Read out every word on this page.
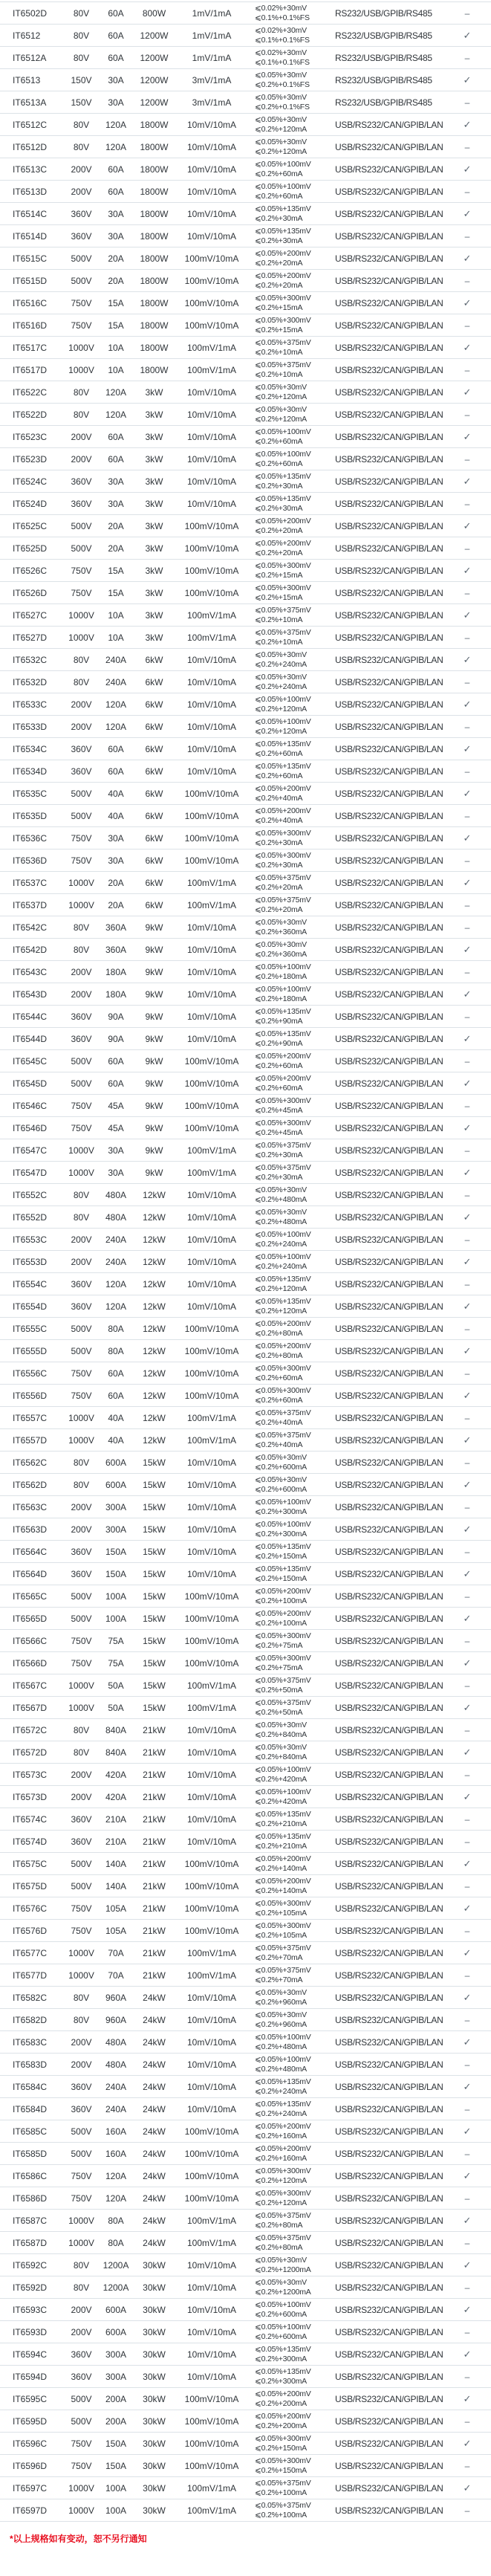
IT6502D	80V	60A	800W	1mV/1mA	⩽0.02%+30mV
⩽0.1%+0.1%FS	RS232/USB/GPIB/RS485	–
IT6512	80V	60A	1200W	1mV/1mA	⩽0.02%+30mV
⩽0.1%+0.1%FS	RS232/USB/GPIB/RS485	✓
IT6512A	80V	60A	1200W	1mV/1mA	⩽0.02%+30mV
⩽0.1%+0.1%FS	RS232/USB/GPIB/RS485	–
IT6513	150V	30A	1200W	3mV/1mA	⩽0.05%+30mV
⩽0.2%+0.1%FS	RS232/USB/GPIB/RS485	✓
IT6513A	150V	30A	1200W	3mV/1mA	⩽0.05%+30mV
⩽0.2%+0.1%FS	RS232/USB/GPIB/RS485	–
IT6512C	80V	120A	1800W	10mV/10mA	⩽0.05%+30mV
⩽0.2%+120mA	USB/RS232/CAN/GPIB/LAN	✓
IT6512D	80V	120A	1800W	10mV/10mA	⩽0.05%+30mV
⩽0.2%+120mA	USB/RS232/CAN/GPIB/LAN	–
IT6513C	200V	60A	1800W	10mV/10mA	⩽0.05%+100mV
⩽0.2%+60mA	USB/RS232/CAN/GPIB/LAN	✓
IT6513D	200V	60A	1800W	10mV/10mA	⩽0.05%+100mV
⩽0.2%+60mA	USB/RS232/CAN/GPIB/LAN	–
IT6514C	360V	30A	1800W	10mV/10mA	⩽0.05%+135mV
⩽0.2%+30mA	USB/RS232/CAN/GPIB/LAN	✓
IT6514D	360V	30A	1800W	10mV/10mA	⩽0.05%+135mV
⩽0.2%+30mA	USB/RS232/CAN/GPIB/LAN	–
IT6515C	500V	20A	1800W	100mV/10mA	⩽0.05%+200mV
⩽0.2%+20mA	USB/RS232/CAN/GPIB/LAN	✓
IT6515D	500V	20A	1800W	100mV/10mA	⩽0.05%+200mV
⩽0.2%+20mA	USB/RS232/CAN/GPIB/LAN	–
IT6516C	750V	15A	1800W	100mV/10mA	⩽0.05%+300mV
⩽0.2%+15mA	USB/RS232/CAN/GPIB/LAN	✓
IT6516D	750V	15A	1800W	100mV/10mA	⩽0.05%+300mV
⩽0.2%+15mA	USB/RS232/CAN/GPIB/LAN	–
IT6517C	1000V	10A	1800W	100mV/1mA	⩽0.05%+375mV
⩽0.2%+10mA	USB/RS232/CAN/GPIB/LAN	✓
IT6517D	1000V	10A	1800W	100mV/1mA	⩽0.05%+375mV
⩽0.2%+10mA	USB/RS232/CAN/GPIB/LAN	–
IT6522C	80V	120A	3kW	10mV/10mA	⩽0.05%+30mV
⩽0.2%+120mA	USB/RS232/CAN/GPIB/LAN	✓
IT6522D	80V	120A	3kW	10mV/10mA	⩽0.05%+30mV
⩽0.2%+120mA	USB/RS232/CAN/GPIB/LAN	–
IT6523C	200V	60A	3kW	10mV/10mA	⩽0.05%+100mV
⩽0.2%+60mA	USB/RS232/CAN/GPIB/LAN	✓
IT6523D	200V	60A	3kW	10mV/10mA	⩽0.05%+100mV
⩽0.2%+60mA	USB/RS232/CAN/GPIB/LAN	–
IT6524C	360V	30A	3kW	10mV/10mA	⩽0.05%+135mV
⩽0.2%+30mA	USB/RS232/CAN/GPIB/LAN	✓
IT6524D	360V	30A	3kW	10mV/10mA	⩽0.05%+135mV
⩽0.2%+30mA	USB/RS232/CAN/GPIB/LAN	–
IT6525C	500V	20A	3kW	100mV/10mA	⩽0.05%+200mV
⩽0.2%+20mA	USB/RS232/CAN/GPIB/LAN	✓
IT6525D	500V	20A	3kW	100mV/10mA	⩽0.05%+200mV
⩽0.2%+20mA	USB/RS232/CAN/GPIB/LAN	–
IT6526C	750V	15A	3kW	100mV/10mA	⩽0.05%+300mV
⩽0.2%+15mA	USB/RS232/CAN/GPIB/LAN	✓
IT6526D	750V	15A	3kW	100mV/10mA	⩽0.05%+300mV
⩽0.2%+15mA	USB/RS232/CAN/GPIB/LAN	–
IT6527C	1000V	10A	3kW	100mV/1mA	⩽0.05%+375mV
⩽0.2%+10mA	USB/RS232/CAN/GPIB/LAN	✓
IT6527D	1000V	10A	3kW	100mV/1mA	⩽0.05%+375mV
⩽0.2%+10mA	USB/RS232/CAN/GPIB/LAN	–
IT6532C	80V	240A	6kW	10mV/10mA	⩽0.05%+30mV
⩽0.2%+240mA	USB/RS232/CAN/GPIB/LAN	✓
IT6532D	80V	240A	6kW	10mV/10mA	⩽0.05%+30mV
⩽0.2%+240mA	USB/RS232/CAN/GPIB/LAN	–
IT6533C	200V	120A	6kW	10mV/10mA	⩽0.05%+100mV
⩽0.2%+120mA	USB/RS232/CAN/GPIB/LAN	✓
IT6533D	200V	120A	6kW	10mV/10mA	⩽0.05%+100mV
⩽0.2%+120mA	USB/RS232/CAN/GPIB/LAN	–
IT6534C	360V	60A	6kW	10mV/10mA	⩽0.05%+135mV
⩽0.2%+60mA	USB/RS232/CAN/GPIB/LAN	✓
IT6534D	360V	60A	6kW	10mV/10mA	⩽0.05%+135mV
⩽0.2%+60mA	USB/RS232/CAN/GPIB/LAN	–
IT6535C	500V	40A	6kW	100mV/10mA	⩽0.05%+200mV
⩽0.2%+40mA	USB/RS232/CAN/GPIB/LAN	✓
IT6535D	500V	40A	6kW	100mV/10mA	⩽0.05%+200mV
⩽0.2%+40mA	USB/RS232/CAN/GPIB/LAN	–
IT6536C	750V	30A	6kW	100mV/10mA	⩽0.05%+300mV
⩽0.2%+30mA	USB/RS232/CAN/GPIB/LAN	✓
IT6536D	750V	30A	6kW	100mV/10mA	⩽0.05%+300mV
⩽0.2%+30mA	USB/RS232/CAN/GPIB/LAN	–
IT6537C	1000V	20A	6kW	100mV/1mA	⩽0.05%+375mV
⩽0.2%+20mA	USB/RS232/CAN/GPIB/LAN	✓
IT6537D	1000V	20A	6kW	100mV/1mA	⩽0.05%+375mV
⩽0.2%+20mA	USB/RS232/CAN/GPIB/LAN	–
IT6542C	80V	360A	9kW	10mV/10mA	⩽0.05%+30mV
⩽0.2%+360mA	USB/RS232/CAN/GPIB/LAN	–
IT6542D	80V	360A	9kW	10mV/10mA	⩽0.05%+30mV
⩽0.2%+360mA	USB/RS232/CAN/GPIB/LAN	✓
IT6543C	200V	180A	9kW	10mV/10mA	⩽0.05%+100mV
⩽0.2%+180mA	USB/RS232/CAN/GPIB/LAN	–
IT6543D	200V	180A	9kW	10mV/10mA	⩽0.05%+100mV
⩽0.2%+180mA	USB/RS232/CAN/GPIB/LAN	✓
IT6544C	360V	90A	9kW	10mV/10mA	⩽0.05%+135mV
⩽0.2%+90mA	USB/RS232/CAN/GPIB/LAN	–
IT6544D	360V	90A	9kW	10mV/10mA	⩽0.05%+135mV
⩽0.2%+90mA	USB/RS232/CAN/GPIB/LAN	✓
IT6545C	500V	60A	9kW	100mV/10mA	⩽0.05%+200mV
⩽0.2%+60mA	USB/RS232/CAN/GPIB/LAN	–
IT6545D	500V	60A	9kW	100mV/10mA	⩽0.05%+200mV
⩽0.2%+60mA	USB/RS232/CAN/GPIB/LAN	✓
IT6546C	750V	45A	9kW	100mV/10mA	⩽0.05%+300mV
⩽0.2%+45mA	USB/RS232/CAN/GPIB/LAN	–
IT6546D	750V	45A	9kW	100mV/10mA	⩽0.05%+300mV
⩽0.2%+45mA	USB/RS232/CAN/GPIB/LAN	✓
IT6547C	1000V	30A	9kW	100mV/1mA	⩽0.05%+375mV
⩽0.2%+30mA	USB/RS232/CAN/GPIB/LAN	–
IT6547D	1000V	30A	9kW	100mV/1mA	⩽0.05%+375mV
⩽0.2%+30mA	USB/RS232/CAN/GPIB/LAN	✓
IT6552C	80V	480A	12kW	10mV/10mA	⩽0.05%+30mV
⩽0.2%+480mA	USB/RS232/CAN/GPIB/LAN	–
IT6552D	80V	480A	12kW	10mV/10mA	⩽0.05%+30mV
⩽0.2%+480mA	USB/RS232/CAN/GPIB/LAN	✓
IT6553C	200V	240A	12kW	10mV/10mA	⩽0.05%+100mV
⩽0.2%+240mA	USB/RS232/CAN/GPIB/LAN	–
IT6553D	200V	240A	12kW	10mV/10mA	⩽0.05%+100mV
⩽0.2%+240mA	USB/RS232/CAN/GPIB/LAN	✓
IT6554C	360V	120A	12kW	10mV/10mA	⩽0.05%+135mV
⩽0.2%+120mA	USB/RS232/CAN/GPIB/LAN	–
IT6554D	360V	120A	12kW	10mV/10mA	⩽0.05%+135mV
⩽0.2%+120mA	USB/RS232/CAN/GPIB/LAN	✓
IT6555C	500V	80A	12kW	100mV/10mA	⩽0.05%+200mV
⩽0.2%+80mA	USB/RS232/CAN/GPIB/LAN	–
IT6555D	500V	80A	12kW	100mV/10mA	⩽0.05%+200mV
⩽0.2%+80mA	USB/RS232/CAN/GPIB/LAN	✓
IT6556C	750V	60A	12kW	100mV/10mA	⩽0.05%+300mV
⩽0.2%+60mA	USB/RS232/CAN/GPIB/LAN	–
IT6556D	750V	60A	12kW	100mV/10mA	⩽0.05%+300mV
⩽0.2%+60mA	USB/RS232/CAN/GPIB/LAN	✓
IT6557C	1000V	40A	12kW	100mV/1mA	⩽0.05%+375mV
⩽0.2%+40mA	USB/RS232/CAN/GPIB/LAN	–
IT6557D	1000V	40A	12kW	100mV/1mA	⩽0.05%+375mV
⩽0.2%+40mA	USB/RS232/CAN/GPIB/LAN	✓
IT6562C	80V	600A	15kW	10mV/10mA	⩽0.05%+30mV
⩽0.2%+600mA	USB/RS232/CAN/GPIB/LAN	–
IT6562D	80V	600A	15kW	10mV/10mA	⩽0.05%+30mV
⩽0.2%+600mA	USB/RS232/CAN/GPIB/LAN	✓
IT6563C	200V	300A	15kW	10mV/10mA	⩽0.05%+100mV
⩽0.2%+300mA	USB/RS232/CAN/GPIB/LAN	–
IT6563D	200V	300A	15kW	10mV/10mA	⩽0.05%+100mV
⩽0.2%+300mA	USB/RS232/CAN/GPIB/LAN	✓
IT6564C	360V	150A	15kW	10mV/10mA	⩽0.05%+135mV
⩽0.2%+150mA	USB/RS232/CAN/GPIB/LAN	–
IT6564D	360V	150A	15kW	10mV/10mA	⩽0.05%+135mV
⩽0.2%+150mA	USB/RS232/CAN/GPIB/LAN	✓
IT6565C	500V	100A	15kW	100mV/10mA	⩽0.05%+200mV
⩽0.2%+100mA	USB/RS232/CAN/GPIB/LAN	–
IT6565D	500V	100A	15kW	100mV/10mA	⩽0.05%+200mV
⩽0.2%+100mA	USB/RS232/CAN/GPIB/LAN	✓
IT6566C	750V	75A	15kW	100mV/10mA	⩽0.05%+300mV
⩽0.2%+75mA	USB/RS232/CAN/GPIB/LAN	–
IT6566D	750V	75A	15kW	100mV/10mA	⩽0.05%+300mV
⩽0.2%+75mA	USB/RS232/CAN/GPIB/LAN	✓
IT6567C	1000V	50A	15kW	100mV/1mA	⩽0.05%+375mV
⩽0.2%+50mA	USB/RS232/CAN/GPIB/LAN	–
IT6567D	1000V	50A	15kW	100mV/1mA	⩽0.05%+375mV
⩽0.2%+50mA	USB/RS232/CAN/GPIB/LAN	✓
IT6572C	80V	840A	21kW	10mV/10mA	⩽0.05%+30mV
⩽0.2%+840mA	USB/RS232/CAN/GPIB/LAN	–
IT6572D	80V	840A	21kW	10mV/10mA	⩽0.05%+30mV
⩽0.2%+840mA	USB/RS232/CAN/GPIB/LAN	✓
IT6573C	200V	420A	21kW	10mV/10mA	⩽0.05%+100mV
⩽0.2%+420mA	USB/RS232/CAN/GPIB/LAN	–
IT6573D	200V	420A	21kW	10mV/10mA	⩽0.05%+100mV
⩽0.2%+420mA	USB/RS232/CAN/GPIB/LAN	✓
IT6574C	360V	210A	21kW	10mV/10mA	⩽0.05%+135mV
⩽0.2%+210mA	USB/RS232/CAN/GPIB/LAN	–
IT6574D	360V	210A	21kW	10mV/10mA	⩽0.05%+135mV
⩽0.2%+210mA	USB/RS232/CAN/GPIB/LAN	–
IT6575C	500V	140A	21kW	100mV/10mA	⩽0.05%+200mV
⩽0.2%+140mA	USB/RS232/CAN/GPIB/LAN	✓
IT6575D	500V	140A	21kW	100mV/10mA	⩽0.05%+200mV
⩽0.2%+140mA	USB/RS232/CAN/GPIB/LAN	–
IT6576C	750V	105A	21kW	100mV/10mA	⩽0.05%+300mV
⩽0.2%+105mA	USB/RS232/CAN/GPIB/LAN	✓
IT6576D	750V	105A	21kW	100mV/10mA	⩽0.05%+300mV
⩽0.2%+105mA	USB/RS232/CAN/GPIB/LAN	–
IT6577C	1000V	70A	21kW	100mV/1mA	⩽0.05%+375mV
⩽0.2%+70mA	USB/RS232/CAN/GPIB/LAN	✓
IT6577D	1000V	70A	21kW	100mV/1mA	⩽0.05%+375mV
⩽0.2%+70mA	USB/RS232/CAN/GPIB/LAN	–
IT6582C	80V	960A	24kW	10mV/10mA	⩽0.05%+30mV
⩽0.2%+960mA	USB/RS232/CAN/GPIB/LAN	✓
IT6582D	80V	960A	24kW	10mV/10mA	⩽0.05%+30mV
⩽0.2%+960mA	USB/RS232/CAN/GPIB/LAN	–
IT6583C	200V	480A	24kW	10mV/10mA	⩽0.05%+100mV
⩽0.2%+480mA	USB/RS232/CAN/GPIB/LAN	✓
IT6583D	200V	480A	24kW	10mV/10mA	⩽0.05%+100mV
⩽0.2%+480mA	USB/RS232/CAN/GPIB/LAN	–
IT6584C	360V	240A	24kW	10mV/10mA	⩽0.05%+135mV
⩽0.2%+240mA	USB/RS232/CAN/GPIB/LAN	✓
IT6584D	360V	240A	24kW	10mV/10mA	⩽0.05%+135mV
⩽0.2%+240mA	USB/RS232/CAN/GPIB/LAN	–
IT6585C	500V	160A	24kW	100mV/10mA	⩽0.05%+200mV
⩽0.2%+160mA	USB/RS232/CAN/GPIB/LAN	✓
IT6585D	500V	160A	24kW	100mV/10mA	⩽0.05%+200mV
⩽0.2%+160mA	USB/RS232/CAN/GPIB/LAN	–
IT6586C	750V	120A	24kW	100mV/10mA	⩽0.05%+300mV
⩽0.2%+120mA	USB/RS232/CAN/GPIB/LAN	✓
IT6586D	750V	120A	24kW	100mV/10mA	⩽0.05%+300mV
⩽0.2%+120mA	USB/RS232/CAN/GPIB/LAN	–
IT6587C	1000V	80A	24kW	100mV/1mA	⩽0.05%+375mV
⩽0.2%+80mA	USB/RS232/CAN/GPIB/LAN	✓
IT6587D	1000V	80A	24kW	100mV/1mA	⩽0.05%+375mV
⩽0.2%+80mA	USB/RS232/CAN/GPIB/LAN	–
IT6592C	80V	1200A	30kW	10mV/10mA	⩽0.05%+30mV
⩽0.2%+1200mA	USB/RS232/CAN/GPIB/LAN	✓
IT6592D	80V	1200A	30kW	10mV/10mA	⩽0.05%+30mV
⩽0.2%+1200mA	USB/RS232/CAN/GPIB/LAN	–
IT6593C	200V	600A	30kW	10mV/10mA	⩽0.05%+100mV
⩽0.2%+600mA	USB/RS232/CAN/GPIB/LAN	✓
IT6593D	200V	600A	30kW	10mV/10mA	⩽0.05%+100mV
⩽0.2%+600mA	USB/RS232/CAN/GPIB/LAN	–
IT6594C	360V	300A	30kW	10mV/10mA	⩽0.05%+135mV
⩽0.2%+300mA	USB/RS232/CAN/GPIB/LAN	✓
IT6594D	360V	300A	30kW	10mV/10mA	⩽0.05%+135mV
⩽0.2%+300mA	USB/RS232/CAN/GPIB/LAN	–
IT6595C	500V	200A	30kW	100mV/10mA	⩽0.05%+200mV
⩽0.2%+200mA	USB/RS232/CAN/GPIB/LAN	✓
IT6595D	500V	200A	30kW	100mV/10mA	⩽0.05%+200mV
⩽0.2%+200mA	USB/RS232/CAN/GPIB/LAN	–
IT6596C	750V	150A	30kW	100mV/10mA	⩽0.05%+300mV
⩽0.2%+150mA	USB/RS232/CAN/GPIB/LAN	✓
IT6596D	750V	150A	30kW	100mV/10mA	⩽0.05%+300mV
⩽0.2%+150mA	USB/RS232/CAN/GPIB/LAN	–
IT6597C	1000V	100A	30kW	100mV/1mA	⩽0.05%+375mV
⩽0.2%+100mA	USB/RS232/CAN/GPIB/LAN	✓
IT6597D	1000V	100A	30kW	100mV/1mA	⩽0.05%+375mV
⩽0.2%+100mA	USB/RS232/CAN/GPIB/LAN	–

*以上规格如有变动，恕不另行通知
